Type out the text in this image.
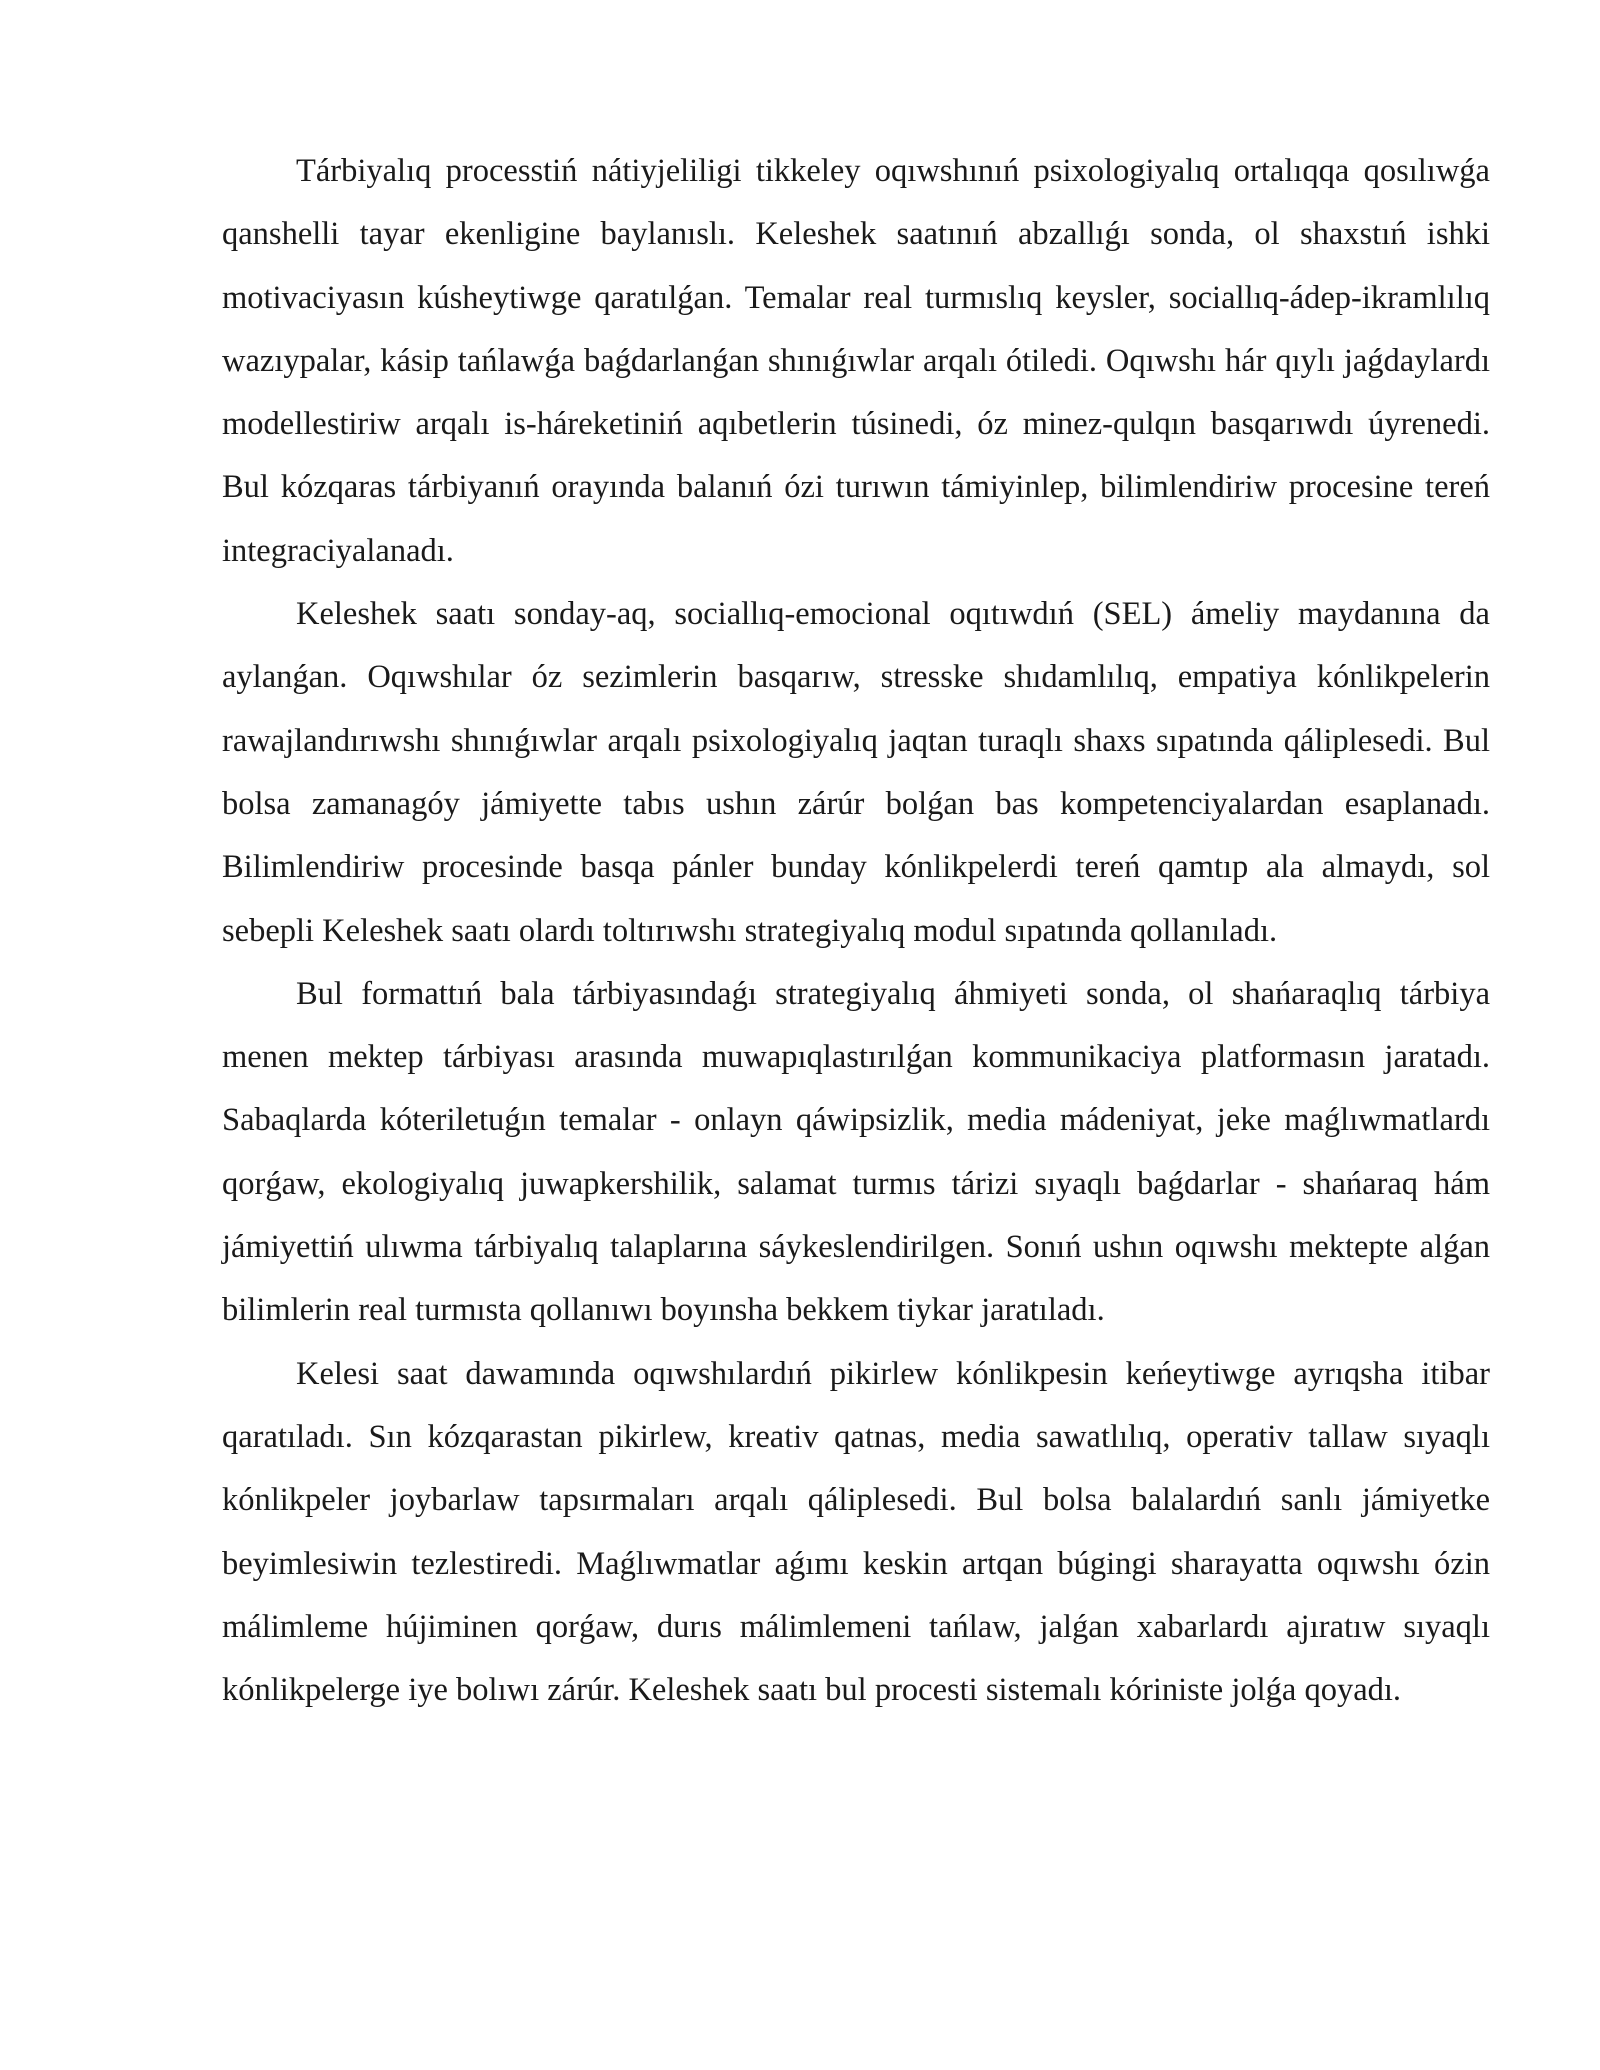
Tárbiyalıq processtiń nátiyjeliligi tikkeley oqıwshınıń psixologiyalıq ortalıqqa qosılıwǵa qanshelli tayar ekenligine baylanıslı. Keleshek saatınıń abzallıǵı sonda, ol shaxstıń ishki motivaciyasın kúsheytiwge qaratılǵan. Temalar real turmıslıq keysler, sociallıq-ádep-ikramlılıq wazıypalar, kásip tańlawǵa baǵdarlanǵan shınıǵıwlar arqalı ótiledi. Oqıwshı hár qıylı jaǵdaylardı modellestiriw arqalı is-háreketiniń aqıbetlerin túsinedi, óz minez-qulqın basqarıwdı úyrenedi. Bul kózqaras tárbiyanıń orayında balanıń ózi turıwın támiyinlep, bilimlendiriw procesine tereń integraciyalanadı.

Keleshek saatı sonday-aq, sociallıq-emocional oqıtıwdıń (SEL) ámeliy maydanına da aylanǵan. Oqıwshılar óz sezimlerin basqarıw, stresske shıdamlılıq, empatiya kónlikpelerin rawajlandırıwshı shınıǵıwlar arqalı psixologiyalıq jaqtan turaqlı shaxs sıpatında qáliplesedi. Bul bolsa zamanagóy jámiyette tabıs ushın zárúr bolǵan bas kompetenciyalardan esaplanadı. Bilimlendiriw procesinde basqa pánler bunday kónlikpelerdi tereń qamtıp ala almaydı, sol sebepli Keleshek saatı olardı toltırıwshı strategiyalıq modul sıpatında qollanıladı.

Bul formattıń bala tárbiyasındaǵı strategiyalıq áhmiyeti sonda, ol shańaraqlıq tárbiya menen mektep tárbiyası arasında muwapıqlastırılǵan kommunikaciya platformasın jaratadı. Sabaqlarda kóteriletuǵın temalar - onlayn qáwipsizlik, media mádeniyat, jeke maǵlıwmatlardı qorǵaw, ekologiyalıq juwapkershilik, salamat turmıs tárizi sıyaqlı baǵdarlar - shańaraq hám jámiyettiń ulıwma tárbiyalıq talaplarına sáykeslendirilgen. Sonıń ushın oqıwshı mektepte alǵan bilimlerin real turmısta qollanıwı boyınsha bekkem tiykar jaratıladı.

Kelesi saat dawamında oqıwshılardıń pikirlew kónlikpesin keńeytiwge ayrıqsha itibar qaratıladı. Sın kózqarastan pikirlew, kreativ qatnas, media sawatlılıq, operativ tallaw sıyaqlı kónlikpeler joybarlaw tapsırmaları arqalı qáliplesedi. Bul bolsa balalardıń sanlı jámiyetke beyimlesiwin tezlestiredi. Maǵlıwmatlar aǵımı keskin artqan búgingi sharayatta oqıwshı ózin málimleme hújiminen qorǵaw, durıs málimlemeni tańlaw, jalǵan xabarlardı ajıratıw sıyaqlı kónlikpelerge iye bolıwı zárúr. Keleshek saatı bul procesti sistemalı kóriniste jolǵa qoyadı.
